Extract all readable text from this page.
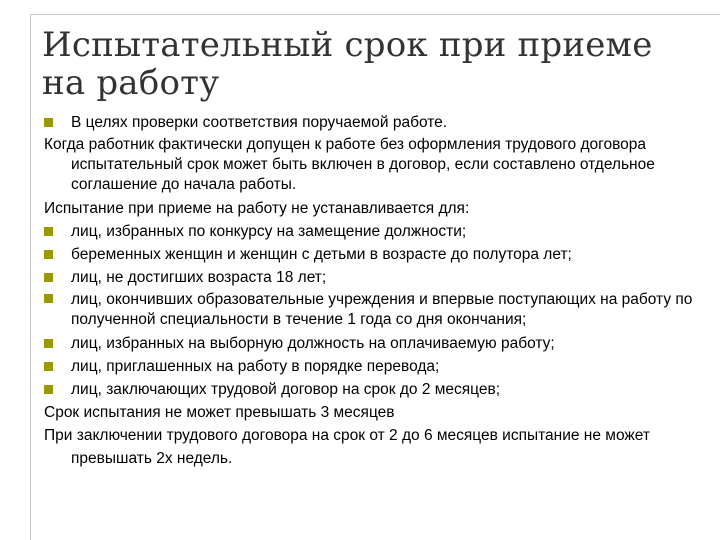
Испытательный срок при приеме на работу
В целях проверки соответствия поручаемой работе.
Когда работник фактически допущен к работе без оформления трудового договора испытательный срок может быть включен в договор, если составлено отдельное соглашение до начала работы.
Испытание при приеме на работу не устанавливается для:
лиц, избранных по конкурсу на замещение должности;
беременных женщин и женщин с детьми в возрасте до полутора лет;
лиц, не достигших возраста 18 лет;
лиц, окончивших образовательные учреждения и впервые поступающих на работу по полученной специальности в течение 1 года со дня окончания;
лиц, избранных на выборную должность на оплачиваемую работу;
лиц, приглашенных на работу в порядке перевода;
лиц, заключающих трудовой договор на срок до 2 месяцев;
Срок испытания не может превышать 3 месяцев
При заключении трудового договора на срок от 2 до 6 месяцев испытание не может превышать 2х недель.
